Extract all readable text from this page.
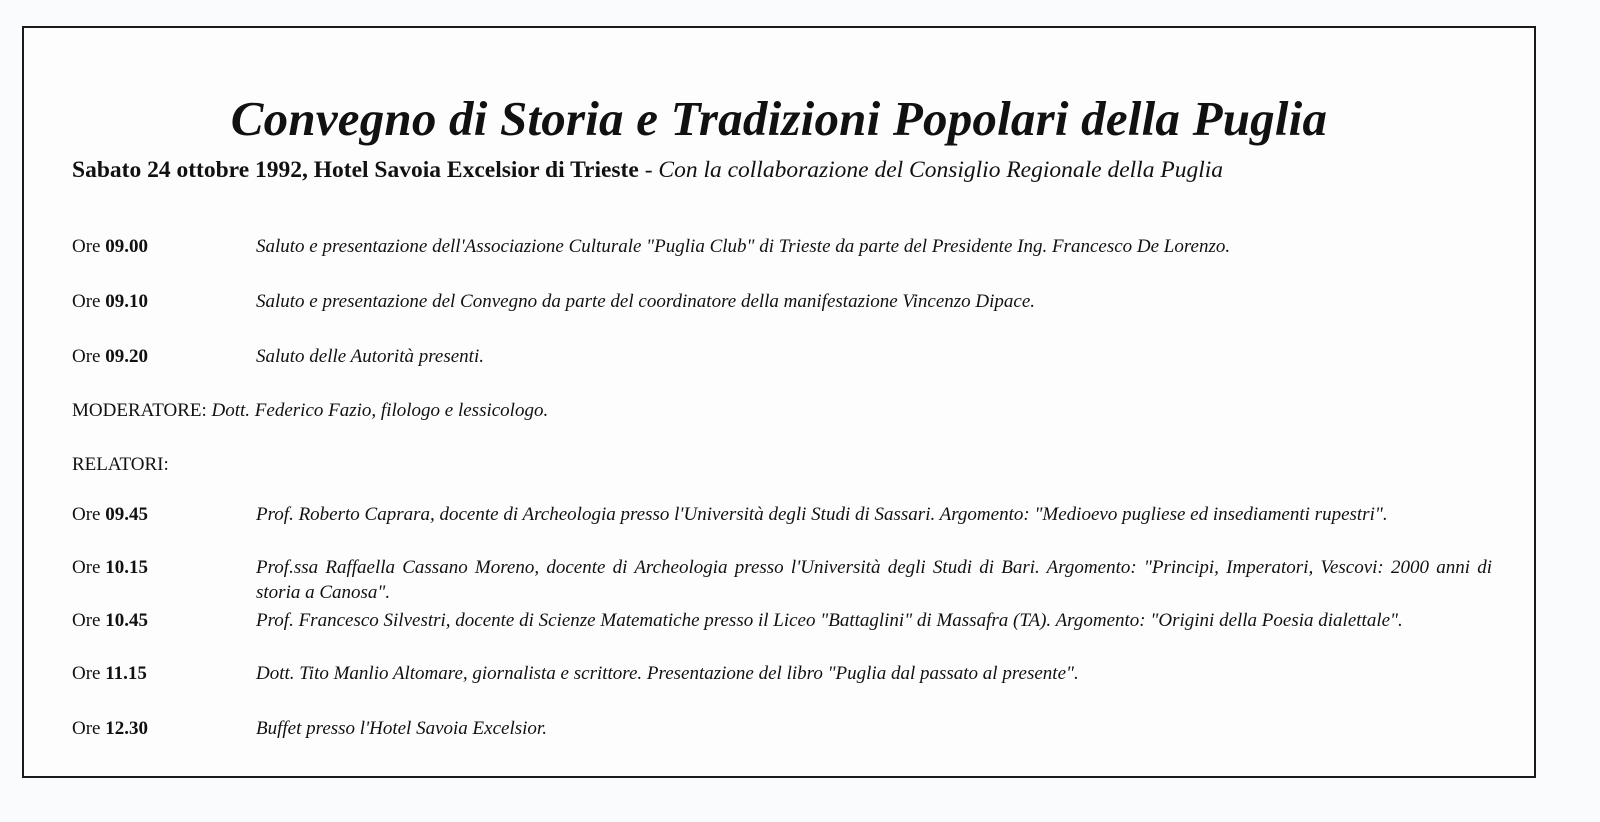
Convegno di Storia e Tradizioni Popolari della Puglia
Sabato 24 ottobre 1992, Hotel Savoia Excelsior di Trieste - Con la collaborazione del Consiglio Regionale della Puglia
Ore 09.00	Saluto e presentazione dell'Associazione Culturale "Puglia Club" di Trieste da parte del Presidente Ing. Francesco De Lorenzo.
Ore 09.10	Saluto e presentazione del Convegno da parte del coordinatore della manifestazione Vincenzo Dipace.
Ore 09.20	Saluto delle Autorità presenti.
MODERATORE: Dott. Federico Fazio, filologo e lessicologo.
RELATORI:
Ore 09.45	Prof. Roberto Caprara, docente di Archeologia presso l'Università degli Studi di Sassari. Argomento: "Medioevo pugliese ed insediamenti rupestri".
Ore 10.15	Prof.ssa Raffaella Cassano Moreno, docente di Archeologia presso l'Università degli Studi di Bari. Argomento: "Principi, Imperatori, Vescovi: 2000 anni di storia a Canosa".
Ore 10.45	Prof. Francesco Silvestri, docente di Scienze Matematiche presso il Liceo "Battaglini" di Massafra (TA). Argomento: "Origini della Poesia dialettale".
Ore 11.15	Dott. Tito Manlio Altomare, giornalista e scrittore. Presentazione del libro "Puglia dal passato al presente".
Ore 12.30	Buffet presso l'Hotel Savoia Excelsior.
